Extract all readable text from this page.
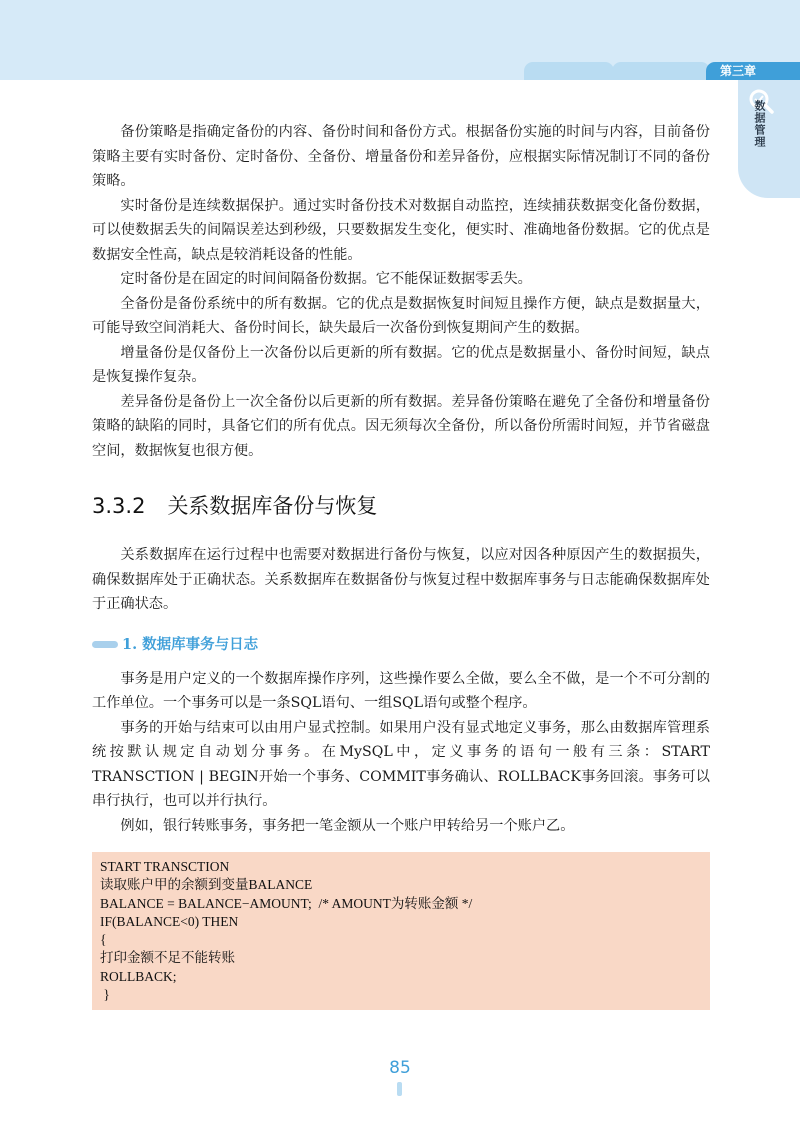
第三章
数据管理

备份策略是指确定备份的内容、备份时间和备份方式。根据备份实施的时间与内容，目前备份策略主要有实时备份、定时备份、全备份、增量备份和差异备份，应根据实际情况制订不同的备份策略。

实时备份是连续数据保护。通过实时备份技术对数据自动监控，连续捕获数据变化备份数据，可以使数据丢失的间隔误差达到秒级，只要数据发生变化，便实时、准确地备份数据。它的优点是数据安全性高，缺点是较消耗设备的性能。

定时备份是在固定的时间间隔备份数据。它不能保证数据零丢失。

全备份是备份系统中的所有数据。它的优点是数据恢复时间短且操作方便，缺点是数据量大，可能导致空间消耗大、备份时间长，缺失最后一次备份到恢复期间产生的数据。

增量备份是仅备份上一次备份以后更新的所有数据。它的优点是数据量小、备份时间短，缺点是恢复操作复杂。

差异备份是备份上一次全备份以后更新的所有数据。差异备份策略在避免了全备份和增量备份策略的缺陷的同时，具备它们的所有优点。因无须每次全备份，所以备份所需时间短，并节省磁盘空间，数据恢复也很方便。

3.3.2 关系数据库备份与恢复

关系数据库在运行过程中也需要对数据进行备份与恢复，以应对因各种原因产生的数据损失，确保数据库处于正确状态。关系数据库在数据备份与恢复过程中数据库事务与日志能确保数据库处于正确状态。

1. 数据库事务与日志

事务是用户定义的一个数据库操作序列，这些操作要么全做，要么全不做，是一个不可分割的工作单位。一个事务可以是一条SQL语句、一组SQL语句或整个程序。

事务的开始与结束可以由用户显式控制。如果用户没有显式地定义事务，那么由数据库管理系统按默认规定自动划分事务。在MySQL中，定义事务的语句一般有三条：START TRANSCTION | BEGIN开始一个事务、COMMIT事务确认、ROLLBACK事务回滚。事务可以串行执行，也可以并行执行。

例如，银行转账事务，事务把一笔金额从一个账户甲转给另一个账户乙。

START TRANSCTION
读取账户甲的余额到变量BALANCE
BALANCE = BALANCE−AMOUNT;  /* AMOUNT为转账金额 */
IF(BALANCE<0) THEN
{
打印金额不足不能转账
ROLLBACK;
}
85
